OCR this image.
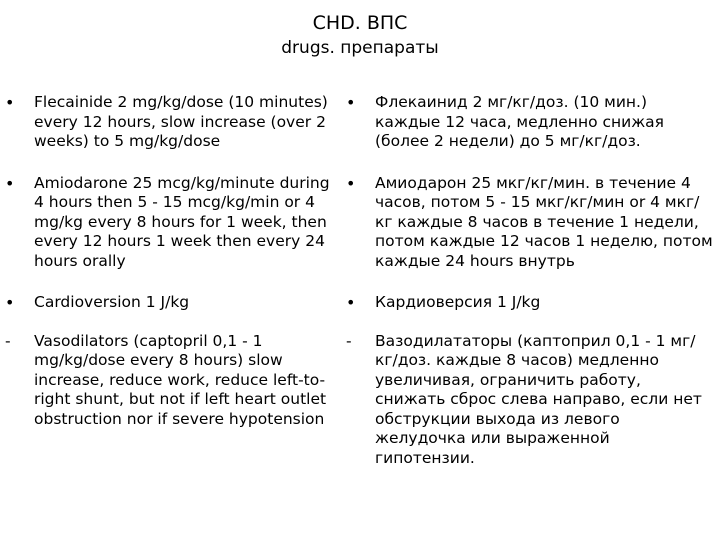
CHD. ВПС
drugs. препараты
•	Flecainide 2 mg/kg/dose (10 minutes) every 12 hours, slow increase (over 2 weeks) to 5 mg/kg/dose
•	Amiodarone 25 mcg/kg/minute during 4 hours then 5 - 15 mcg/kg/min or 4 mg/kg every 8 hours for 1 week, then every 12 hours 1 week then every 24 hours orally
•	Cardioversion 1 J/kg
-	Vasodilators (captopril 0,1 - 1 mg/kg/dose every 8 hours) slow increase, reduce work, reduce left-to-right shunt, but not if left heart outlet obstruction nor if severe hypotension
•	Флекаинид 2 мг/кг/доз. (10 мин.) каждые 12 часа, медленно снижая (более 2 недели) до 5 мг/кг/доз.
•	Амиодарон 25 мкг/кг/мин. в течение 4 часов, потом 5 - 15 мкг/кг/мин or 4 мкг/кг каждые 8 часов в течение 1 недели, потом каждые 12 часов 1 неделю, потом каждые 24 hours внутрь
•	Кардиоверсия 1 J/kg
-	Вазодилататоры (каптоприл 0,1 - 1 мг/кг/доз. каждые 8 часов) медленно увеличивая, ограничить работу, снижать сброс слева направо, если нет обструкции выхода из левого желудочка или выраженной гипотензии.
